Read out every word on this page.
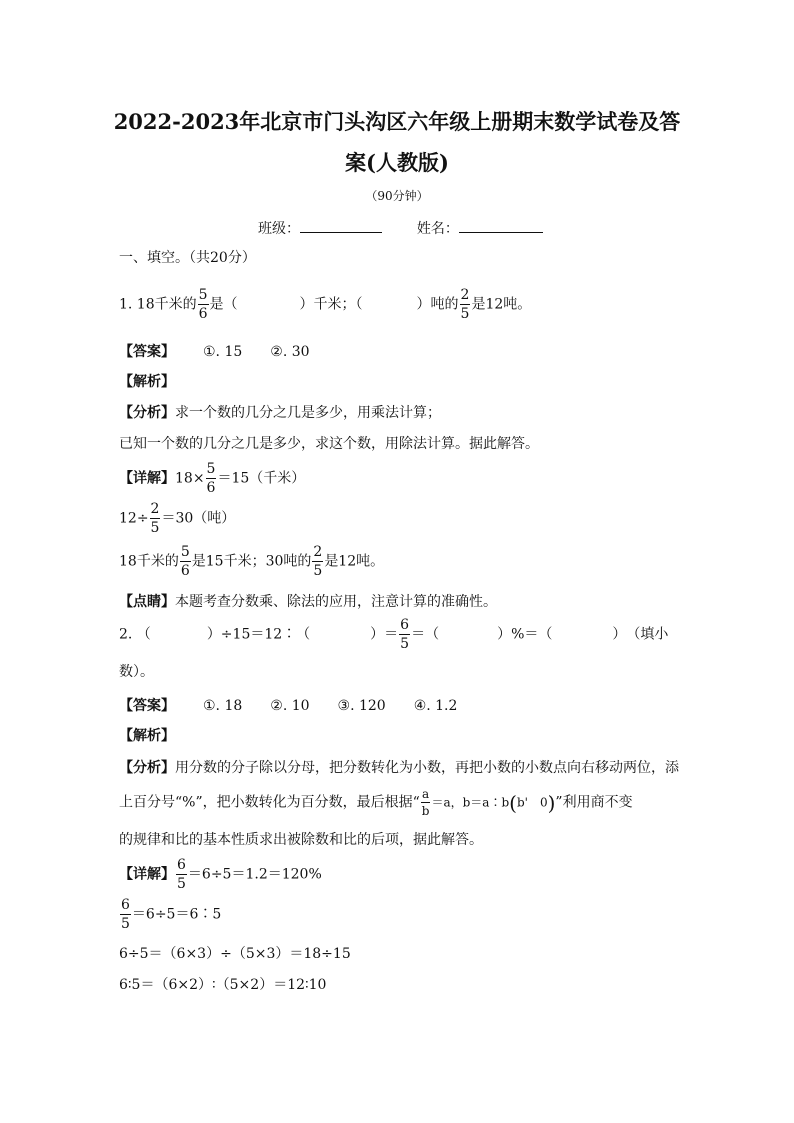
2022-2023年北京市门头沟区六年级上册期末数学试卷及答
案(人教版)
（90分钟）
班级：	姓名：
一、填空。（共20分）
1. 18千米的 $\frac{5}{6}$ 是（	）千米；（	）吨的 $\frac{2}{5}$ 是12吨。
【答案】 ①. 15　　②. 30
【解析】
【分析】求一个数的几分之几是多少，用乘法计算；
已知一个数的几分之几是多少，求这个数，用除法计算。据此解答。
【详解】$18\times \frac{5}{6} =15$（千米）
$12\div \frac{2}{5} =30$（吨）
18千米的 $\frac{5}{6}$ 是15千米；30吨的 $\frac{2}{5}$ 是12吨。
【点睛】本题考查分数乘、除法的应用，注意计算的准确性。
2. （	）÷15＝12∶（	）＝ $\frac{6}{5}$ ＝（	）%＝（	）　（填小
数）。
【答案】 ①. 18　　②. 10　　③. 120　　④. 1.2
【解析】
【分析】用分数的分子除以分母，把分数转化为小数，再把小数的小数点向右移动两位，添
上百分号“%”，把小数转化为百分数，最后根据“ $\frac{a}{b} =a$，b＝a∶b(b'　0)”利用商不变
的规律和比的基本性质求出被除数和比的后项，据此解答。
【详解】 $\frac{6}{5} =6\div 5=1.2=120\%$
$\frac{6}{5}$ ＝6÷5＝6∶5
6÷5＝（6×3）÷（5×3）＝18÷15
6∶5＝（6×2）∶（5×2）＝12∶10
